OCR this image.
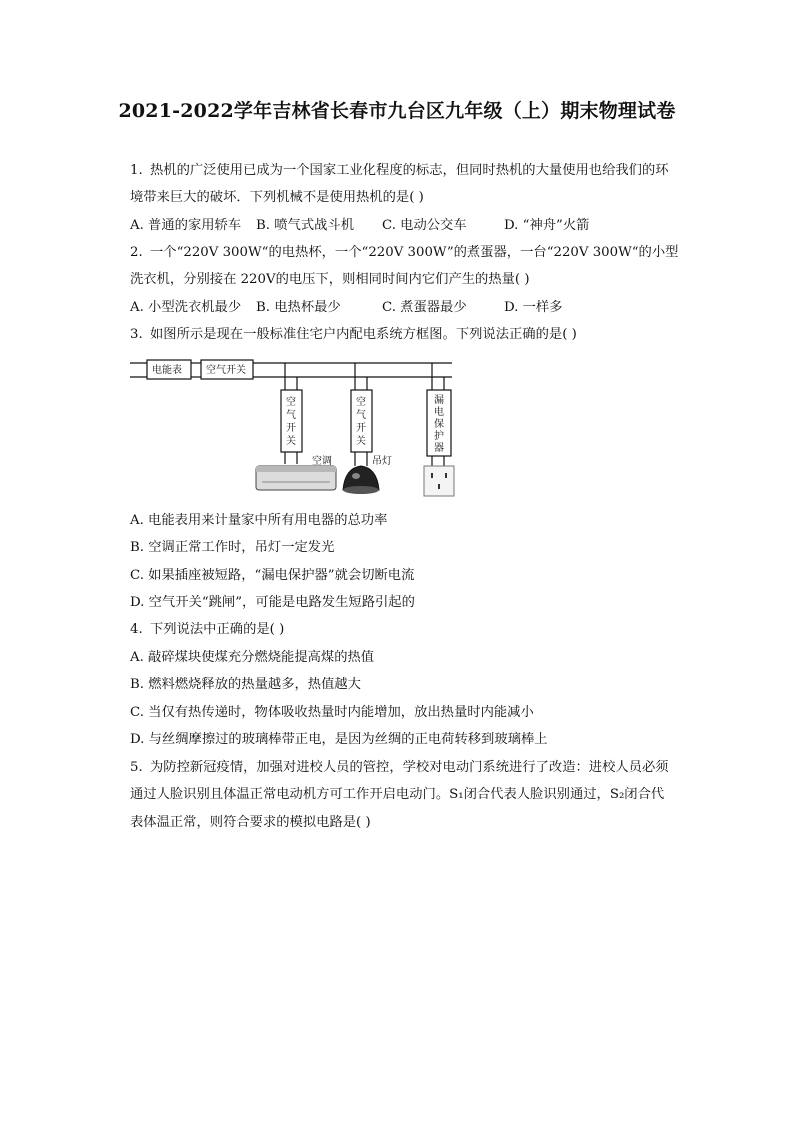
2021-2022学年吉林省长春市九台区九年级（上）期末物理试卷
1. 热机的广泛使用已成为一个国家工业化程度的标志，但同时热机的大量使用也给我们的环
境带来巨大的破坏．下列机械不是使用热机的是( )
A. 普通的家用轿车 B. 喷气式战斗机 C. 电动公交车	D. “神舟”火箭
2. 一个“220V 300W“的电热杯，一个“220V 300W”的煮蛋器，一台“220V 300W“的小型
洗衣机，分别接在 220V的电压下，则相同时间内它们产生的热量( )
A. 小型洗衣机最少 B. 电热杯最少	C. 煮蛋器最少	D. 一样多
3. 如图所示是现在一般标准住宅户内配电系统方框图。下列说法正确的是( )
电能表 空气开关
空
气
开
关
空调
空
气
开
关
吊灯
漏
电
保
护
器
A. 电能表用来计量家中所有用电器的总功率
B. 空调正常工作时，吊灯一定发光
C. 如果插座被短路，“漏电保护器”就会切断电流
D. 空气开关“跳闸”，可能是电路发生短路引起的
4. 下列说法中正确的是( )
A. 敲碎煤块使煤充分燃烧能提高煤的热值
B. 燃料燃烧释放的热量越多，热值越大
C. 当仅有热传递时，物体吸收热量时内能增加，放出热量时内能减小
D. 与丝绸摩擦过的玻璃棒带正电，是因为丝绸的正电荷转移到玻璃棒上
5. 为防控新冠疫情，加强对进校人员的管控，学校对电动门系统进行了改造：进校人员必须
通过人脸识别且体温正常电动机方可工作开启电动门。S₁闭合代表人脸识别通过，S₂闭合代
表体温正常，则符合要求的模拟电路是( )
